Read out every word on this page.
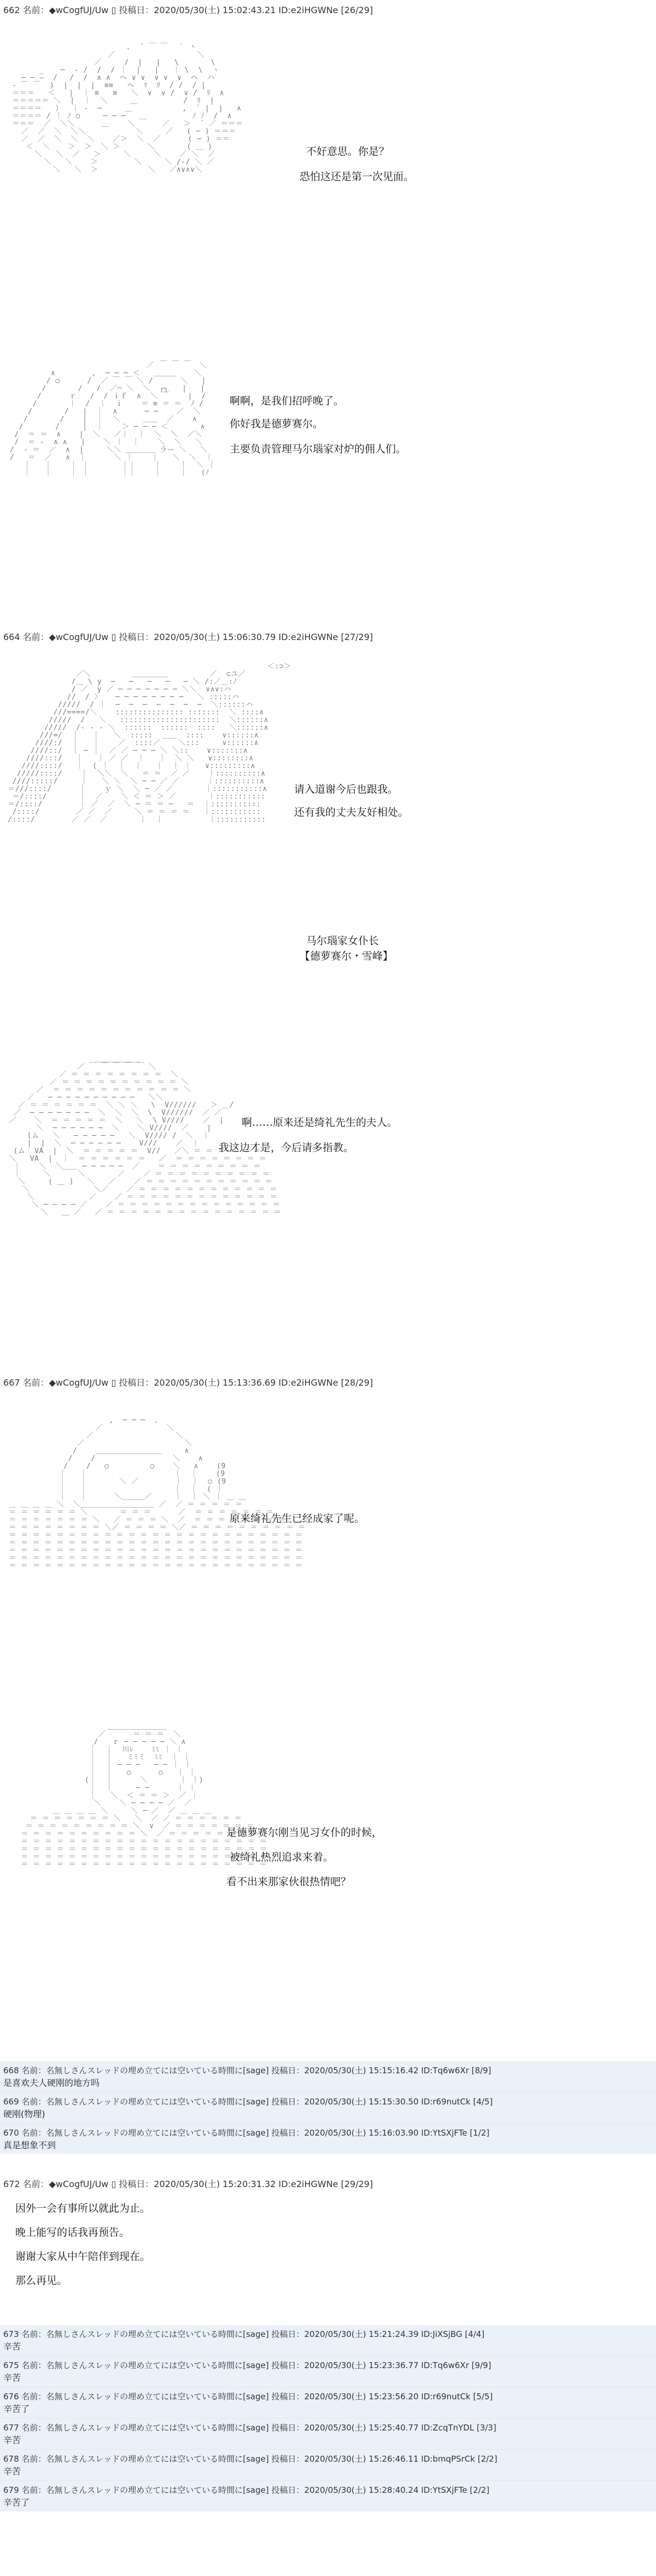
662 名前：◆wCogfUJ/Uw ▯ 投稿日：2020/05/30(土) 15:02:43.21 ID:e2iHGWNe [26/29]
.  ´ ￣ ￣  ｀ 丶
／                  ＼
／     /  |   |   \       \
_ 　 ─  ‐ /  /  / ｜  |   |   ｜ \  \  ヽ
─ ─ ―  / 　/  /  ∧ ∧  ヘ ∨ ∨  ∨ ∨  ∨  ヘ  ハ
‐ ￣ ￣  )  |  |  |  ≡≡   ヘ  ﾏ  ﾘ  / /  / |
＝＝＝   ＜   |  ｜ ≡   ≡   ＼  ∨  ∨ /  ∨ /  ﾘ  ∧
＝＝＝＝＝ ＼  |  ｜  ＼     ＿          /  ﾘ  |
＝＝＝＝   ）  ｜ ‐  ─     ＿           ,  ´ |  |   ∧
＝＝＝＝ / ｜ ﾉ ○     ─ ─ ─   ＿          ﾉ ﾉ  /  ∧
＝＝＝  ／  ＼＼      ＿    ＼      ／   ＞  ´ ／ ＝＝＝
／  ／  ＼  ＼＼           ＼     ／   ( ─ ) ＝＝＝
／  ／  ＼  ＼  ＼    ／＞  ＼  ／      ( ─ ) ＝＝
＜  ＼    ＞  ＞  ＼ ＞      ＼       ( ＿ )
＼   ＼  ／   ＞     ＼     ＼    ／ ＼  ／
＼   ＼    ＞        ＼     ＼ /-/ ＼ ／
＼   ＼  ＞           ＼   ／∧∨∧∨＼

不好意思。你是？
恐怕这还是第一次见面。
＿ ＿ ＿
／          ＼
∧        ,  ─ ─ ─ ＜   ＿＿＿    ＼
/ ○      /  ／ ￣ ￣ ＼ /      ＼   |
/       /   /  ／⌒ ＼  ＼  ┌┐   |   |
/      ｒ   /  / ｉｆ  ∧  ＼ ￣    |  /
/       ｜  /  ｜  ｉ    ＝ ≡ ＝ ＝  ﾉ /
/       /   |  ｜  ∧      ─ ─    ／  ＼
/       /    |  ｜  ＼     ＿＿  ／    ∧
/       /     |  ｜    ＞ ─ ─ ─ ＜       ∧
/  ＝ ＝  ∧    |  ＼   ／｜  ｜  ＼  ＼  ／＼
/  ＝ ‐  ∧ ∧   |    ＼ ｜  ｜    ＼  ＼   ＼
/  ‐ ＝  ／  ∧  |     ＼＼ ＿＿＿＿ ラー ＼   ＼
/   ＝  ／   ∧  ｜      ＼ ｜    ｜   ＼  ＼  ｜
｜   ｜    ｜ ｜       ｜｜    ｜    ｜  ＼ ｜
｜   ｜    ｜ ｜       ｜｜    ｜    ｜   (ﾉ

啊啊，是我们招呼晚了。
你好我是德萝赛尔。
主要负责管理马尔瑙家对炉的佣人们。
664 名前：◆wCogfUJ/Uw ▯ 投稿日：2020/05/30(土) 15:06:30.79 ID:e2iHGWNe [27/29]
＜:⊃＞
／＼         ＿＿＿＿＿         ／  ⊂ユ／
/＿ \ y  ─   ─   ─   ─   ─ ＼ /:／＿:ﾉ
/ ／  y ／ ─ ─ ─ ─ ─ ─ ─ ＼＼  ∨∧∨:ハ
//  / 〉   ─ ─ ─ ─ ─ ─ ─ ─   ＼ :::::ハ
/////  / ｜  ─  ─  ─  ─  ─  ─  ─  ＼::::::ハ
///====/＼    ::::::::::::::: :::::::  ＼ ::::∧
/////  /   ＼   ::::::::::::::::::::::  ＼::::::∧
/////  /‐ ‐ ‐ ＼  ::::::  ::::::  ::::   ＼::::::∧
///=/  ｜   ｜   ＼  :::::  ＿＿  ::::    ∨::::::∧
////:/  ｜   ｜    ／  ::::／    ＼:::     ∨::::::∧
////::/  ｜ ─ ｜  ／ ／ ─ ─ ─ ＼ ＼::    ∨:::::::∧
////:::/   ｜   ｜ ／ ／  ｜   ｜  ＼ ＼   ∨::::::::∧
////::::/   ｜  ( ｜  ｜  ｜   ｜  ｜ ｜   ∨:::::::::∧
/////::::/    ｜  ＼＼  ＼   ＝ ＝  ／ ／    ｜::::::::::∧
////:::::/     ｜   ＼ ＼  ＼ ─ ─ ／ ／      ｜::::::::::∧
＝///::::/      ｜    ｙ ＼  ＼ ─ ／ ／       ｜:::::::::::∧
＝/::::/       ｜  ／    ＼ ＜ ＝ ＞ ／       ｜:::::::::::
＝/::::/        ｜ ／  ／  ＼ ─ ＝ ＝ ─   ＝  ｜:::::::::::
/::::/        ／ ／  ／     ＼ ＝ ＝ ＝ ＝   ｜:::::::::::
/::::/        ／ ／  ／       ｜  ｜          ｜:::::::::::

请入道谢今后也跟我。
还有我的丈夫友好相处。
马尔瑙家女仆长
【德萝赛尔・雪峰】
＿＿＿＿＿＿
／ ￣ ￣ ￣ ￣ ￣ ＼
／ ＝ ＝ ＝ ＝ ＝ ＝ ＝ ＝  ＼
／ ＝ ＝ ＝ ＝ ＝ ＝ ＝ ＝ ＝ ＝ ＼
／  ＝ ＝ ＝ ＝ ＝ ＝ ＝ ＝ ＝ ＝ ＝ ＼
／   ─ ─ ─ ─ ─ ─ ─ ─ ─ ─   ＼＼
／ ＝ ＝ ＝ ＝ ＝ ＝  ＼ ＼ ＼   \  V//////   ＞ ＿/
／  ─ ─ ─ ─ ─ ─ ─  ＼  ＼  ＼  \  V//////  ／ ／
／    ＼  ＝ ＝ ＝ ＝ ＝  ＼   ＼  \ V////    ／  |
＼  ─ ─ ─ ─ ─ ─  ＼    ＼ V////  ／    |
(ム   ＼   ─ ─ ─ ─ ─   ＼  V//// /  ＼  ｜
|  |  ＼  ─ ─ ─ ─ ─ ─    V///    ／  ｜
(ム  VA  |  ＼  ＝ ＝ ＝ ＝ ＝  V//   ／＼ ＝ ＝ ＝ ＝ ＝ ＝
＼   VA  |  ｜  ＝ ＝ ＝ ＝ ＝ ＝   ／  ＝ ＝ ＝ ＝ ＝ ＝ ＝ ＝
｜    ＼  ＼＿＿ ─ ─ ─ ─ ─  ／    ＝ ＝ ＝ ＝ ＝ ＝ ＝ ＝ ＝
｜     ＼      ＼       ／    ／ ＝ ＝ ＝ ＝ ＝ ＝ ＝ ＝ ＝ ＝
＼     ( ＿ )   ＼   ／    ／ ＝ ＝ ＝ ＝ ＝ ＝ ＝ ＝ ＝ ＝ ＝
＼              ＼／    ／ ＝ ＝ ＝ ＝ ＝ ＝ ＝ ＝ ＝ ＝ ＝ ＝
＼            ／    ／ ＝ ＝ ＝ ＝ ＝ ＝ ＝ ＝ ＝ ＝ ＝ ＝ ＝
＼ ─ ─ ─ ─ ／    ／ ＝ ＝ ＝ ＝ ＝ ＝ ＝ ＝ ＝ ＝ ＝ ＝ ＝ ＝
＼   ＿ ／   ／ ＝ ＝ ＝ ＝ ＝ ＝ ＝ ＝ ＝ ＝ ＝ ＝ ＝ ＝ ＝

啊……原来还是绮礼先生的夫人。
我这边才是，今后请多指教。
667 名前：◆wCogfUJ/Uw ▯ 投稿日：2020/05/30(土) 15:13:36.69 ID:e2iHGWNe [28/29]
,  ─ ─ ─  、
／              ＼
／                  ＼
／                      ＼
/    ＿＿＿＿＿＿＿＿＿     ∧
/    /                 ＼    ∧
/    /   ○         ○    ＼   ∧    (9
｜   ｜                   ｜  ｜    (9
｜   ｜       ＼ ／        ｜  ｜  ○ (9
｜   ｜                   ｜  ｜  ( ｜
｜   ｜      ＼＿＿＿／     ｜  ｜ ＼ ｜ ＿ ＿
＿ ＿ ＿ ＿ ＼  ＼＿＿＿＿＿＿＿＿＿＿ ／  ／ ＝ ＝ ＝ ＝ ＝
＝ ＝ ＝ ＝ ＝ ＝ ＼       ＝ ＝ ＝      ／  ＝ ＝ ＝ ＝ ＝ ＝ ＝
＝ ＝ ＝ ＝ ＝ ＝ ＝ ＼   ／ ＝ ＝ ＝ ＼  ／  ＝ ＝ ＝ ＝ ＝ ＝ ＝ ＝
＝ ＝ ＝ ＝ ＝ ＝ ＝ ＝ ＼／ ＝ ＝ ＝ ＝ ＼／ ＝ ＝ ＝ ＝ ＝ ＝ ＝ ＝ ＝ ＝
＝ ＝ ＝ ＝ ＝ ＝ ＝ ＝ ＝ ＝ ＝ ＝ ＝ ＝ ＝ ＝ ＝ ＝ ＝ ＝ ＝ ＝ ＝ ＝ ＝
＝ ＝ ＝ ＝ ＝ ＝ ＝ ＝ ＝ ＝ ＝ ＝ ＝ ＝ ＝ ＝ ＝ ＝ ＝ ＝ ＝ ＝ ＝ ＝ ＝
＝ ＝ ＝ ＝ ＝ ＝ ＝ ＝ ＝ ＝ ＝ ＝ ＝ ＝ ＝ ＝ ＝ ＝ ＝ ＝ ＝ ＝ ＝ ＝ ＝
＝ ＝ ＝ ＝ ＝ ＝ ＝ ＝ ＝ ＝ ＝ ＝ ＝ ＝ ＝ ＝ ＝ ＝ ＝ ＝ ＝ ＝ ＝ ＝ ＝
＝ ＝ ＝ ＝ ＝ ＝ ＝ ＝ ＝ ＝ ＝ ＝ ＝ ＝ ＝ ＝ ＝ ＝ ＝ ＝ ＝ ＝ ＝ ＝ ＝

原来绮礼先生已经成家了呢。
＿＿＿＿＿＿＿＿
／      ＝ ＝ ＝  ＼
/   ｒ ─ ─ ─ ─ ─ ＼ ∧
｜  ｜  川ﾚ    ﾐﾐ ｜ ｜
｜  ｜   ミﾐミ  ﾐﾐ  ｜ ｜
｜  ｜ ─ ─ ─   ─ ─ ｜ ｜
｜  ｜   ○      ○   ｜ ｜
(｜  ｜      ＼       ｜ ｜)
｜  ｜     ─ ─      ｜ ｜
｜   ＼  ＜ ＝ ＝ ＞  ／ ｜
＼    ＼ ─ ─ ─ ─ ／  ／
＿ ＿ ＿ ＿ ＼     ＼ ─ ／  ／ ＿ ＿ ＿
＝ ＝ ＝ ＝ ＝ ＝ ＝ ＼   ＼  ／ ／ ＝ ＝ ＝ ＝ ＝ ＝
＝ ＝ ＝ ＝ ＝ ＝ ＝ ＝ ＝ ＼  ∨  ／ ＝ ＝ ＝ ＝ ＝ ＝ ＝
＝ ＝ ＝ ＝ ＝ ＝ ＝ ＝ ＝ ＝ ＼  ／ ＝ ＝ ＝ ＝ ＝ ＝ ＝ ＝
＝ ＝ ＝ ＝ ＝ ＝ ＝ ＝ ＝ ＝ ＝ ＝ ＝ ＝ ＝ ＝ ＝ ＝ ＝ ＝ ＝
＝ ＝ ＝ ＝ ＝ ＝ ＝ ＝ ＝ ＝ ＝ ＝ ＝ ＝ ＝ ＝ ＝ ＝ ＝ ＝ ＝
＝ ＝ ＝ ＝ ＝ ＝ ＝ ＝ ＝ ＝ ＝ ＝ ＝ ＝ ＝ ＝ ＝ ＝ ＝ ＝ ＝
＝ ＝ ＝ ＝ ＝ ＝ ＝ ＝ ＝ ＝ ＝ ＝ ＝ ＝ ＝ ＝ ＝ ＝ ＝ ＝ ＝

是德萝赛尔刚当见习女仆的时候，
被绮礼热烈追求来着。
看不出来那家伙很热情吧？
668 名前：名無しさんスレッドの埋め立てには空いている時間に[sage] 投稿日：2020/05/30(土) 15:15:16.42 ID:Tq6w6Xr [8/9]
是喜欢夫人硬刚的地方吗
669 名前：名無しさんスレッドの埋め立てには空いている時間に[sage] 投稿日：2020/05/30(土) 15:15:30.50 ID:r69nutCk [4/5]
硬刚(物理)
670 名前：名無しさんスレッドの埋め立てには空いている時間に[sage] 投稿日：2020/05/30(土) 15:16:03.90 ID:YtSXjFTe [1/2]
真是想象不到
672 名前：◆wCogfUJ/Uw ▯ 投稿日：2020/05/30(土) 15:20:31.32 ID:e2iHGWNe [29/29]
因外一会有事所以就此为止。
晚上能写的话我再预告。
谢谢大家从中午陪伴到现在。
那么再见。
673 名前：名無しさんスレッドの埋め立てには空いている時間に[sage] 投稿日：2020/05/30(土) 15:21:24.39 ID:JiXSjBG [4/4]
辛苦
675 名前：名無しさんスレッドの埋め立てには空いている時間に[sage] 投稿日：2020/05/30(土) 15:23:36.77 ID:Tq6w6Xr [9/9]
辛苦
676 名前：名無しさんスレッドの埋め立てには空いている時間に[sage] 投稿日：2020/05/30(土) 15:23:56.20 ID:r69nutCk [5/5]
辛苦了
677 名前：名無しさんスレッドの埋め立てには空いている時間に[sage] 投稿日：2020/05/30(土) 15:25:40.77 ID:ZcqTnYDL [3/3]
辛苦
678 名前：名無しさんスレッドの埋め立てには空いている時間に[sage] 投稿日：2020/05/30(土) 15:26:46.11 ID:bmqPSrCk [2/2]
辛苦
679 名前：名無しさんスレッドの埋め立てには空いている時間に[sage] 投稿日：2020/05/30(土) 15:28:40.24 ID:YtSXjFTe [2/2]
辛苦了
